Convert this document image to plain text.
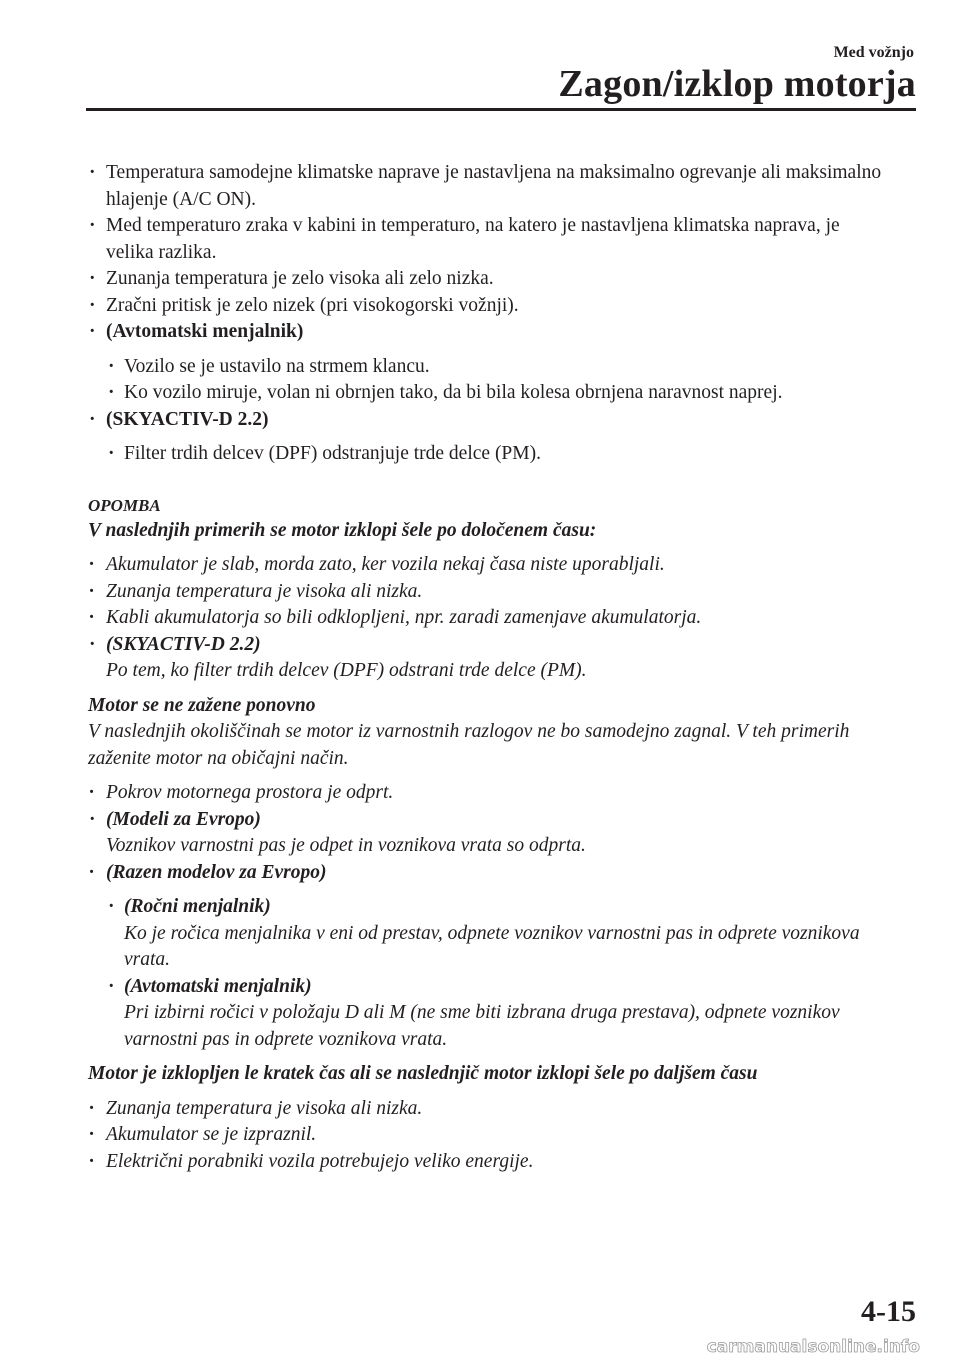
Med vožnjo
Zagon/izklop motorja
· Temperatura samodejne klimatske naprave je nastavljena na maksimalno ogrevanje ali maksimalno hlajenje (A/C ON).
· Med temperaturo zraka v kabini in temperaturo, na katero je nastavljena klimatska naprava, je velika razlika.
· Zunanja temperatura je zelo visoka ali zelo nizka.
· Zračni pritisk je zelo nizek (pri visokogorski vožnji).
· (Avtomatski menjalnik)
· Vozilo se je ustavilo na strmem klancu.
· Ko vozilo miruje, volan ni obrnjen tako, da bi bila kolesa obrnjena naravnost naprej.
· (SKYACTIV-D 2.2)
· Filter trdih delcev (DPF) odstranjuje trde delce (PM).
OPOMBA
V naslednjih primerih se motor izklopi šele po določenem času:
· Akumulator je slab, morda zato, ker vozila nekaj časa niste uporabljali.
· Zunanja temperatura je visoka ali nizka.
· Kabli akumulatorja so bili odklopljeni, npr. zaradi zamenjave akumulatorja.
· (SKYACTIV-D 2.2)
Po tem, ko filter trdih delcev (DPF) odstrani trde delce (PM).
Motor se ne zažene ponovno
V naslednjih okoliščinah se motor iz varnostnih razlogov ne bo samodejno zagnal. V teh primerih zaženite motor na običajni način.
· Pokrov motornega prostora je odprt.
· (Modeli za Evropo)
Voznikov varnostni pas je odpet in voznikova vrata so odprta.
· (Razen modelov za Evropo)
· (Ročni menjalnik)
Ko je ročica menjalnika v eni od prestav, odpnete voznikov varnostni pas in odprete voznikova vrata.
· (Avtomatski menjalnik)
Pri izbirni ročici v položaju D ali M (ne sme biti izbrana druga prestava), odpnete voznikov varnostni pas in odprete voznikova vrata.
Motor je izklopljen le kratek čas ali se naslednjič motor izklopi šele po daljšem času
· Zunanja temperatura je visoka ali nizka.
· Akumulator se je izpraznil.
· Električni porabniki vozila potrebujejo veliko energije.
4-15
carmanualsonline.info
